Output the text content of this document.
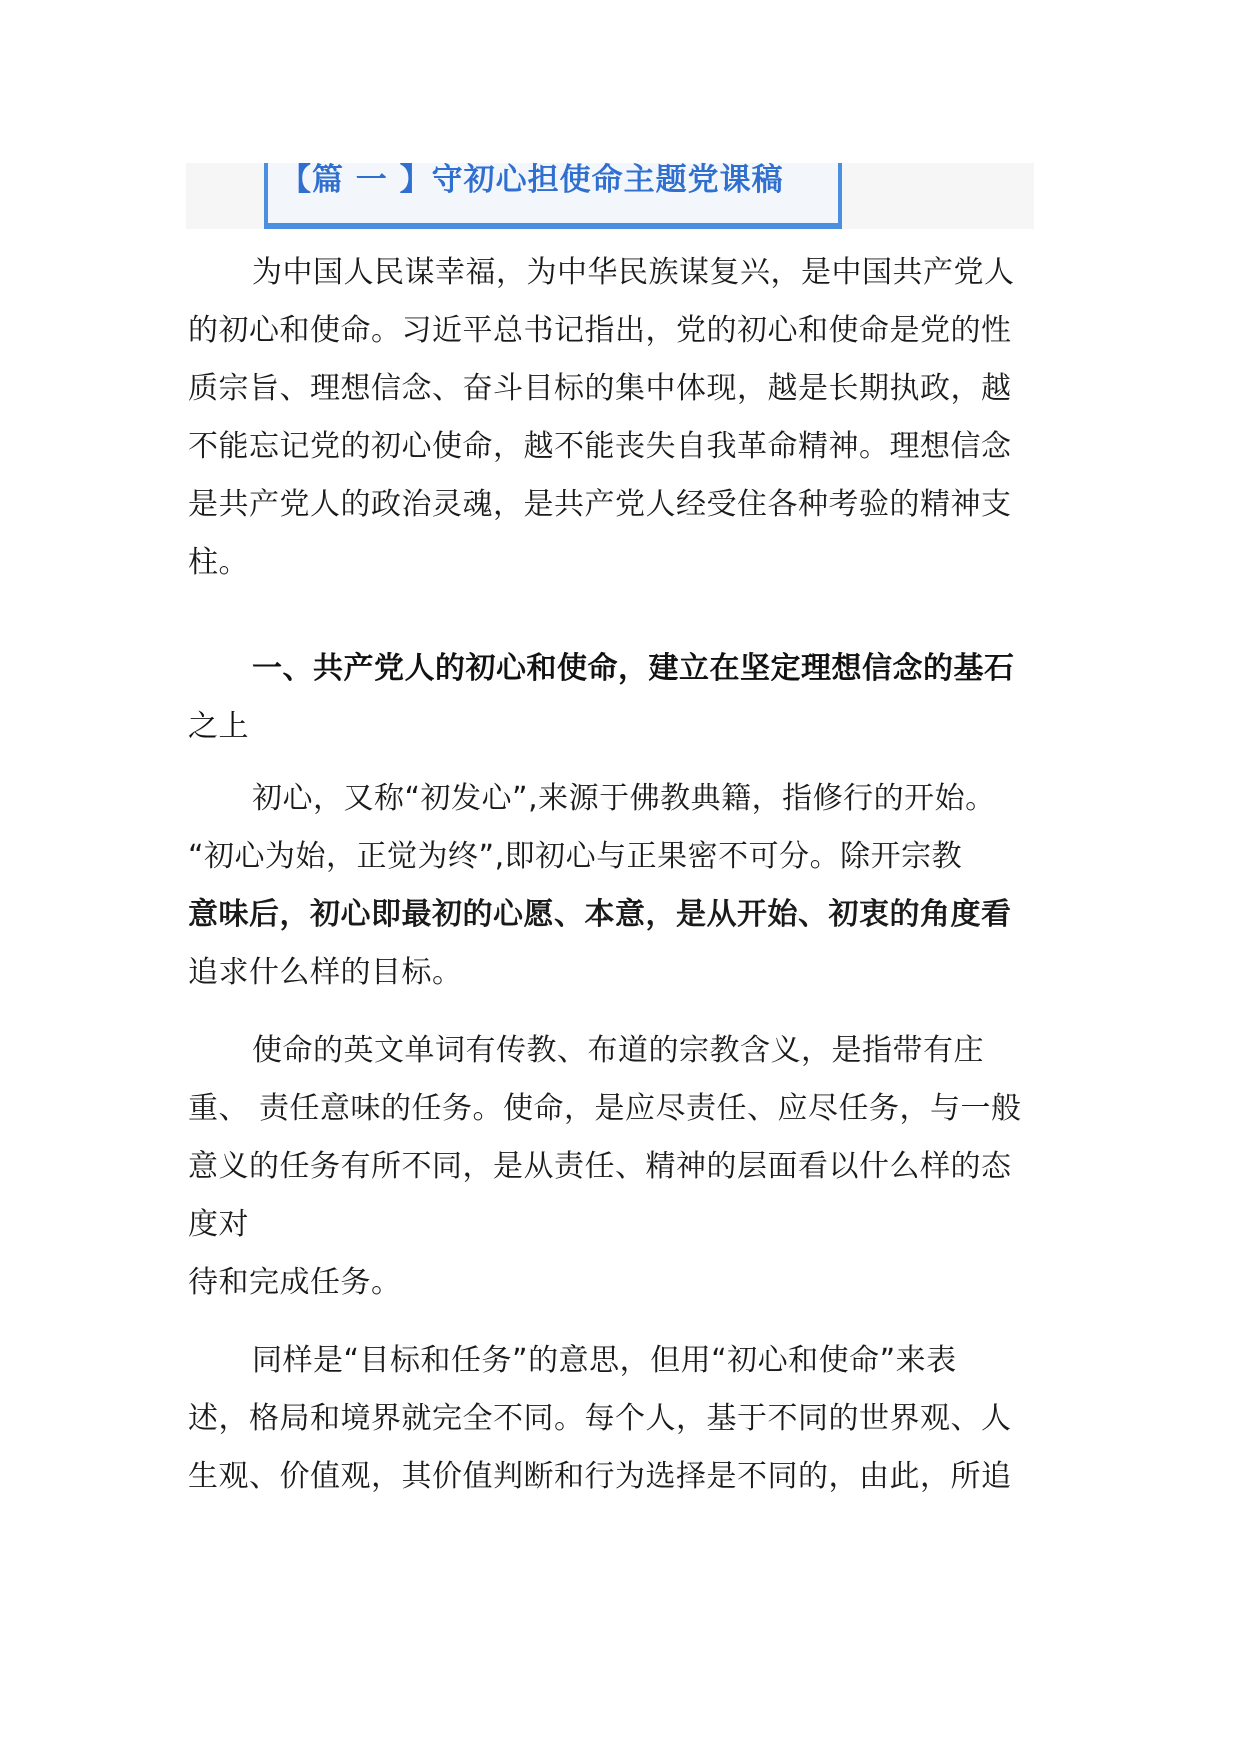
【篇 一 】守初心担使命主题党课稿

为中国人民谋幸福，为中华民族谋复兴，是中国共产党人
的初心和使命。习近平总书记指出，党的初心和使命是党的性
质宗旨、理想信念、奋斗目标的集中体现，越是长期执政，越
不能忘记党的初心使命，越不能丧失自我革命精神。理想信念
是共产党人的政治灵魂，是共产党人经受住各种考验的精神支
柱。

一、共产党人的初心和使命，建立在坚定理想信念的基石
之上

初心，又称“初发心”,来源于佛教典籍，指修行的开始。
“初心为始，正觉为终”,即初心与正果密不可分。除开宗教
意味后，初心即最初的心愿、本意，是从开始、初衷的角度看
追求什么样的目标。

使命的英文单词有传教、布道的宗教含义，是指带有庄
重、 责任意味的任务。使命，是应尽责任、应尽任务，与一般
意义的任务有所不同，是从责任、精神的层面看以什么样的态
度对
待和完成任务。

同样是“目标和任务”的意思，但用“初心和使命”来表
述，格局和境界就完全不同。每个人，基于不同的世界观、人
生观、价值观，其价值判断和行为选择是不同的，由此，所追
